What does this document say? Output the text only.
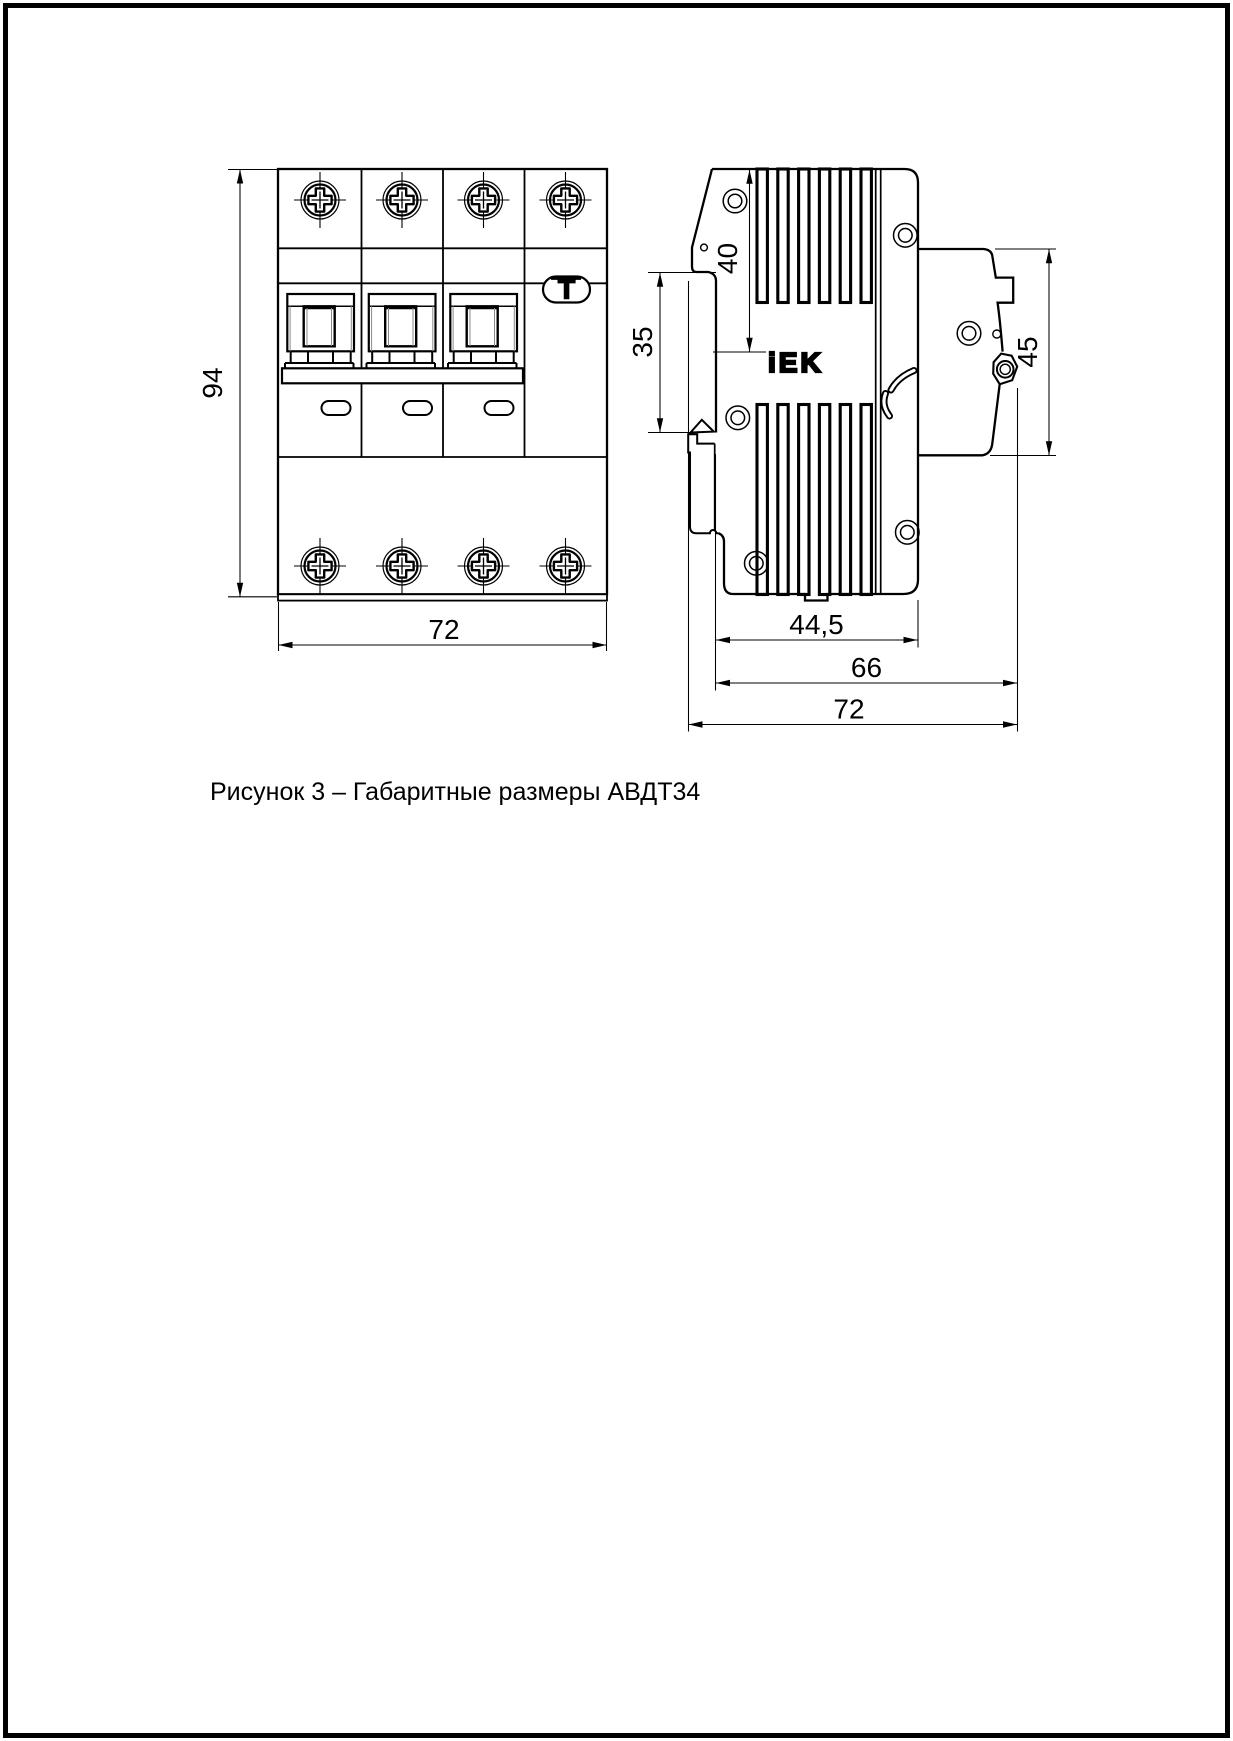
Т
iEK
94
72
40
35	45
44,5
66
72
Рисунок 3 – Габаритные размеры АВДТ34
